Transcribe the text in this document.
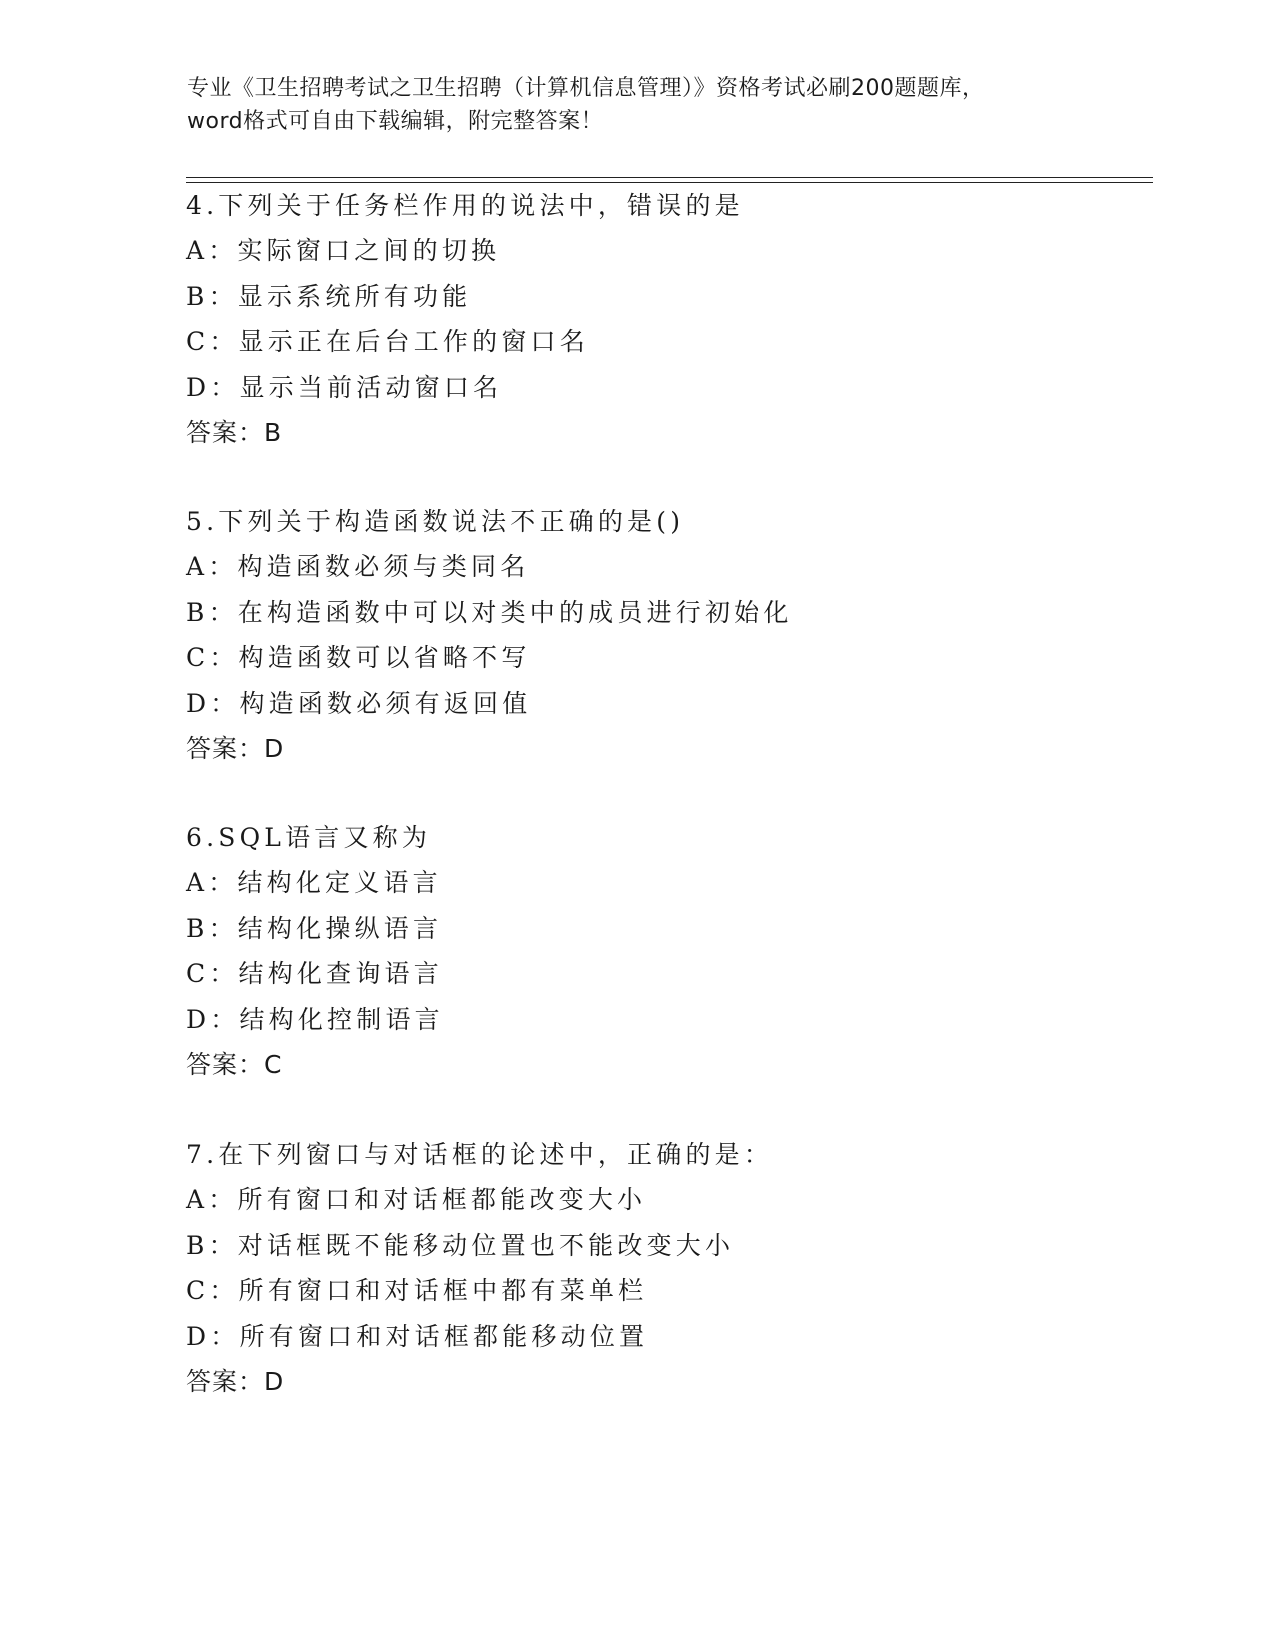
专业《卫生招聘考试之卫生招聘（计算机信息管理）》资格考试必刷200题题库，
word格式可自由下载编辑，附完整答案！
4.下列关于任务栏作用的说法中，错误的是
A：实际窗口之间的切换
B：显示系统所有功能
C：显示正在后台工作的窗口名
D：显示当前活动窗口名
答案：B
5.下列关于构造函数说法不正确的是()
A：构造函数必须与类同名
B：在构造函数中可以对类中的成员进行初始化
C：构造函数可以省略不写
D：构造函数必须有返回值
答案：D
6.SQL语言又称为
A：结构化定义语言
B：结构化操纵语言
C：结构化查询语言
D：结构化控制语言
答案：C
7.在下列窗口与对话框的论述中，正确的是：
A：所有窗口和对话框都能改变大小
B：对话框既不能移动位置也不能改变大小
C：所有窗口和对话框中都有菜单栏
D：所有窗口和对话框都能移动位置
答案：D
